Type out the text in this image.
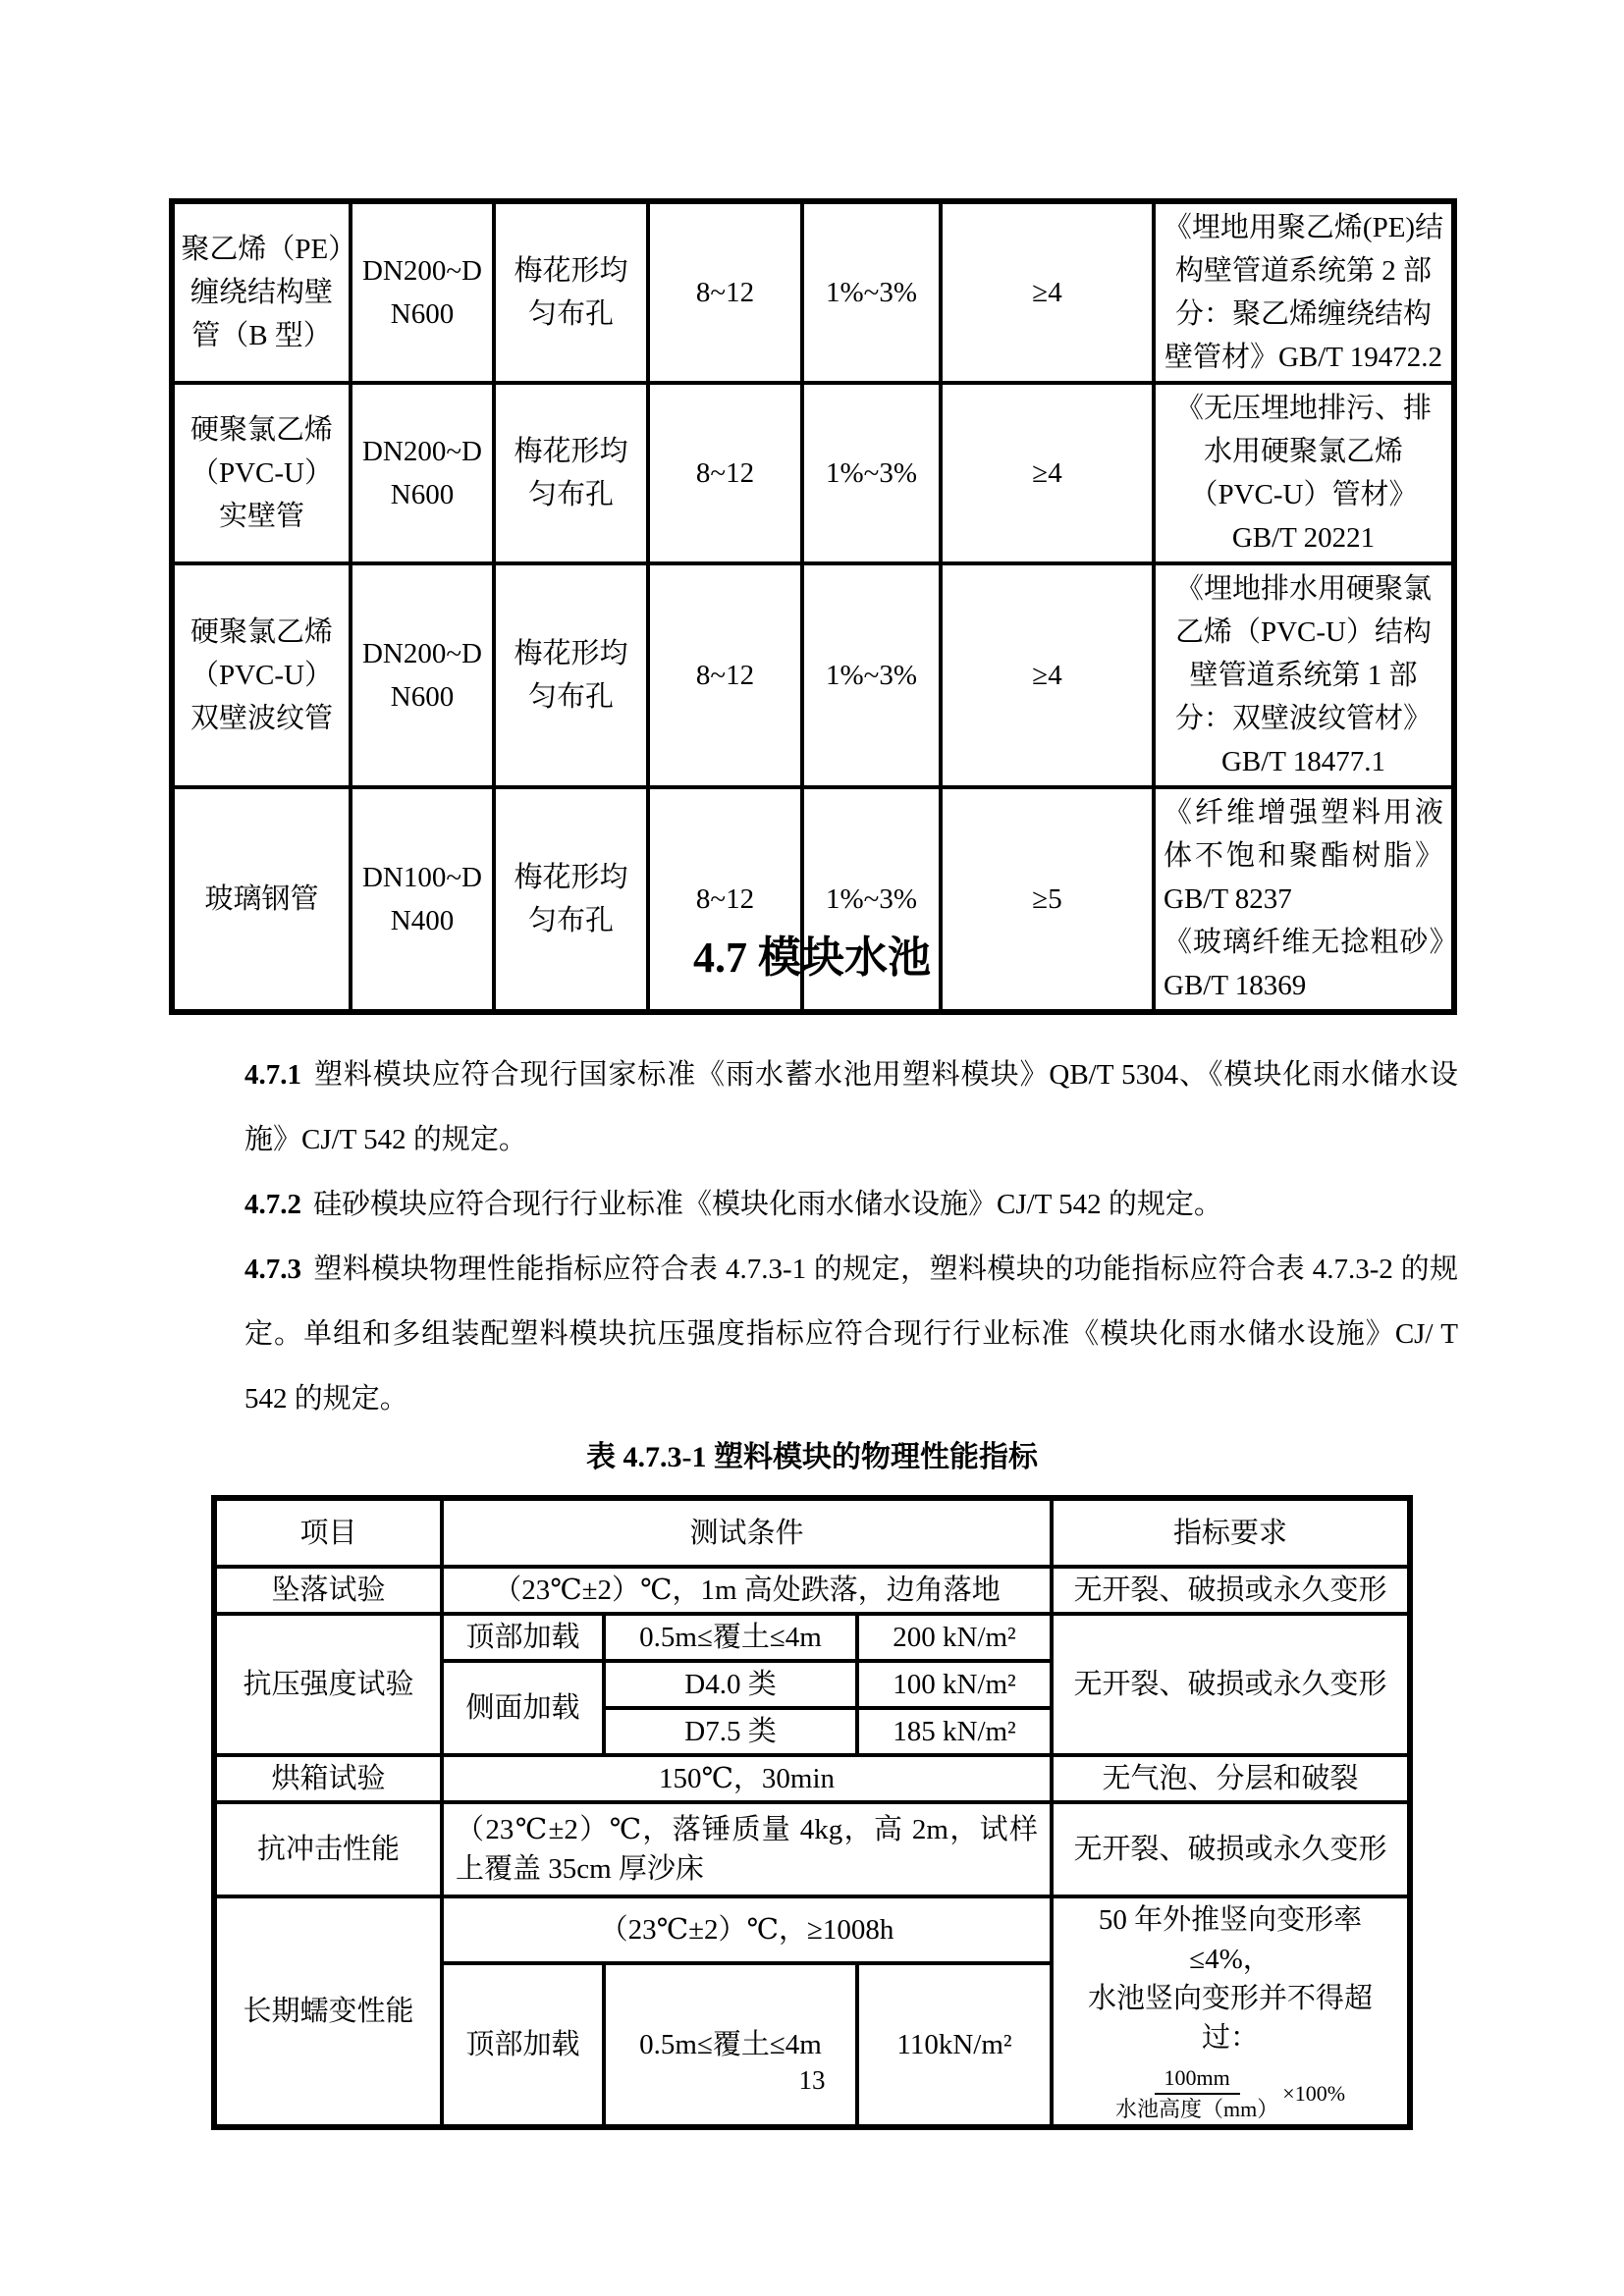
聚乙烯（PE）缠绕结构壁管（B 型）	DN200~DN600	梅花形均匀布孔	8~12	1%~3%	≥4	《埋地用聚乙烯(PE)结构壁管道系统第 2 部分：聚乙烯缠绕结构壁管材》GB/T 19472.2
硬聚氯乙烯（PVC-U）实壁管	DN200~DN600	梅花形均匀布孔	8~12	1%~3%	≥4	《无压埋地排污、排水用硬聚氯乙烯（PVC-U）管材》GB/T 20221
硬聚氯乙烯（PVC-U）双壁波纹管	DN200~DN600	梅花形均匀布孔	8~12	1%~3%	≥4	《埋地排水用硬聚氯乙烯（PVC-U）结构壁管道系统第 1 部分：双壁波纹管材》GB/T 18477.1
玻璃钢管	DN100~DN400	梅花形均匀布孔	8~12	1%~3%	≥5	《纤维增强塑料用液体不饱和聚酯树脂》GB/T 8237
《玻璃纤维无捻粗砂》GB/T 18369
4.7 模块水池

4.7.1 塑料模块应符合现行国家标准《雨水蓄水池用塑料模块》QB/T 5304、《模块化雨水储水设施》CJ/T 542 的规定。

4.7.2 硅砂模块应符合现行行业标准《模块化雨水储水设施》CJ/T 542 的规定。

4.7.3 塑料模块物理性能指标应符合表 4.7.3-1 的规定，塑料模块的功能指标应符合表 4.7.3-2 的规定。单组和多组装配塑料模块抗压强度指标应符合现行行业标准《模块化雨水储水设施》CJ/ T 542 的规定。

表 4.7.3-1 塑料模块的物理性能指标
项目	测试条件			指标要求
坠落试验	（23℃±2）℃，1m 高处跌落，边角落地			无开裂、破损或永久变形
抗压强度试验	顶部加载	0.5m≤覆土≤4m	200 kN/m²	无开裂、破损或永久变形
	侧面加载	D4.0 类	100 kN/m²	
		D7.5 类	185 kN/m²	
烘箱试验	150℃，30min			无气泡、分层和破裂
抗冲击性能	（23℃±2）℃，落锤质量 4kg，高 2m，试样上覆盖 35cm 厚沙床			无开裂、破损或永久变形
长期蠕变性能	（23℃±2）℃，≥1008h			50 年外推竖向变形率≤4%，
水池竖向变形并不得超过：
$\frac{100mm}{\text{水池高度（mm）}} \times 100\%$

	顶部加载	0.5m≤覆土≤4m	110kN/m²	
13
